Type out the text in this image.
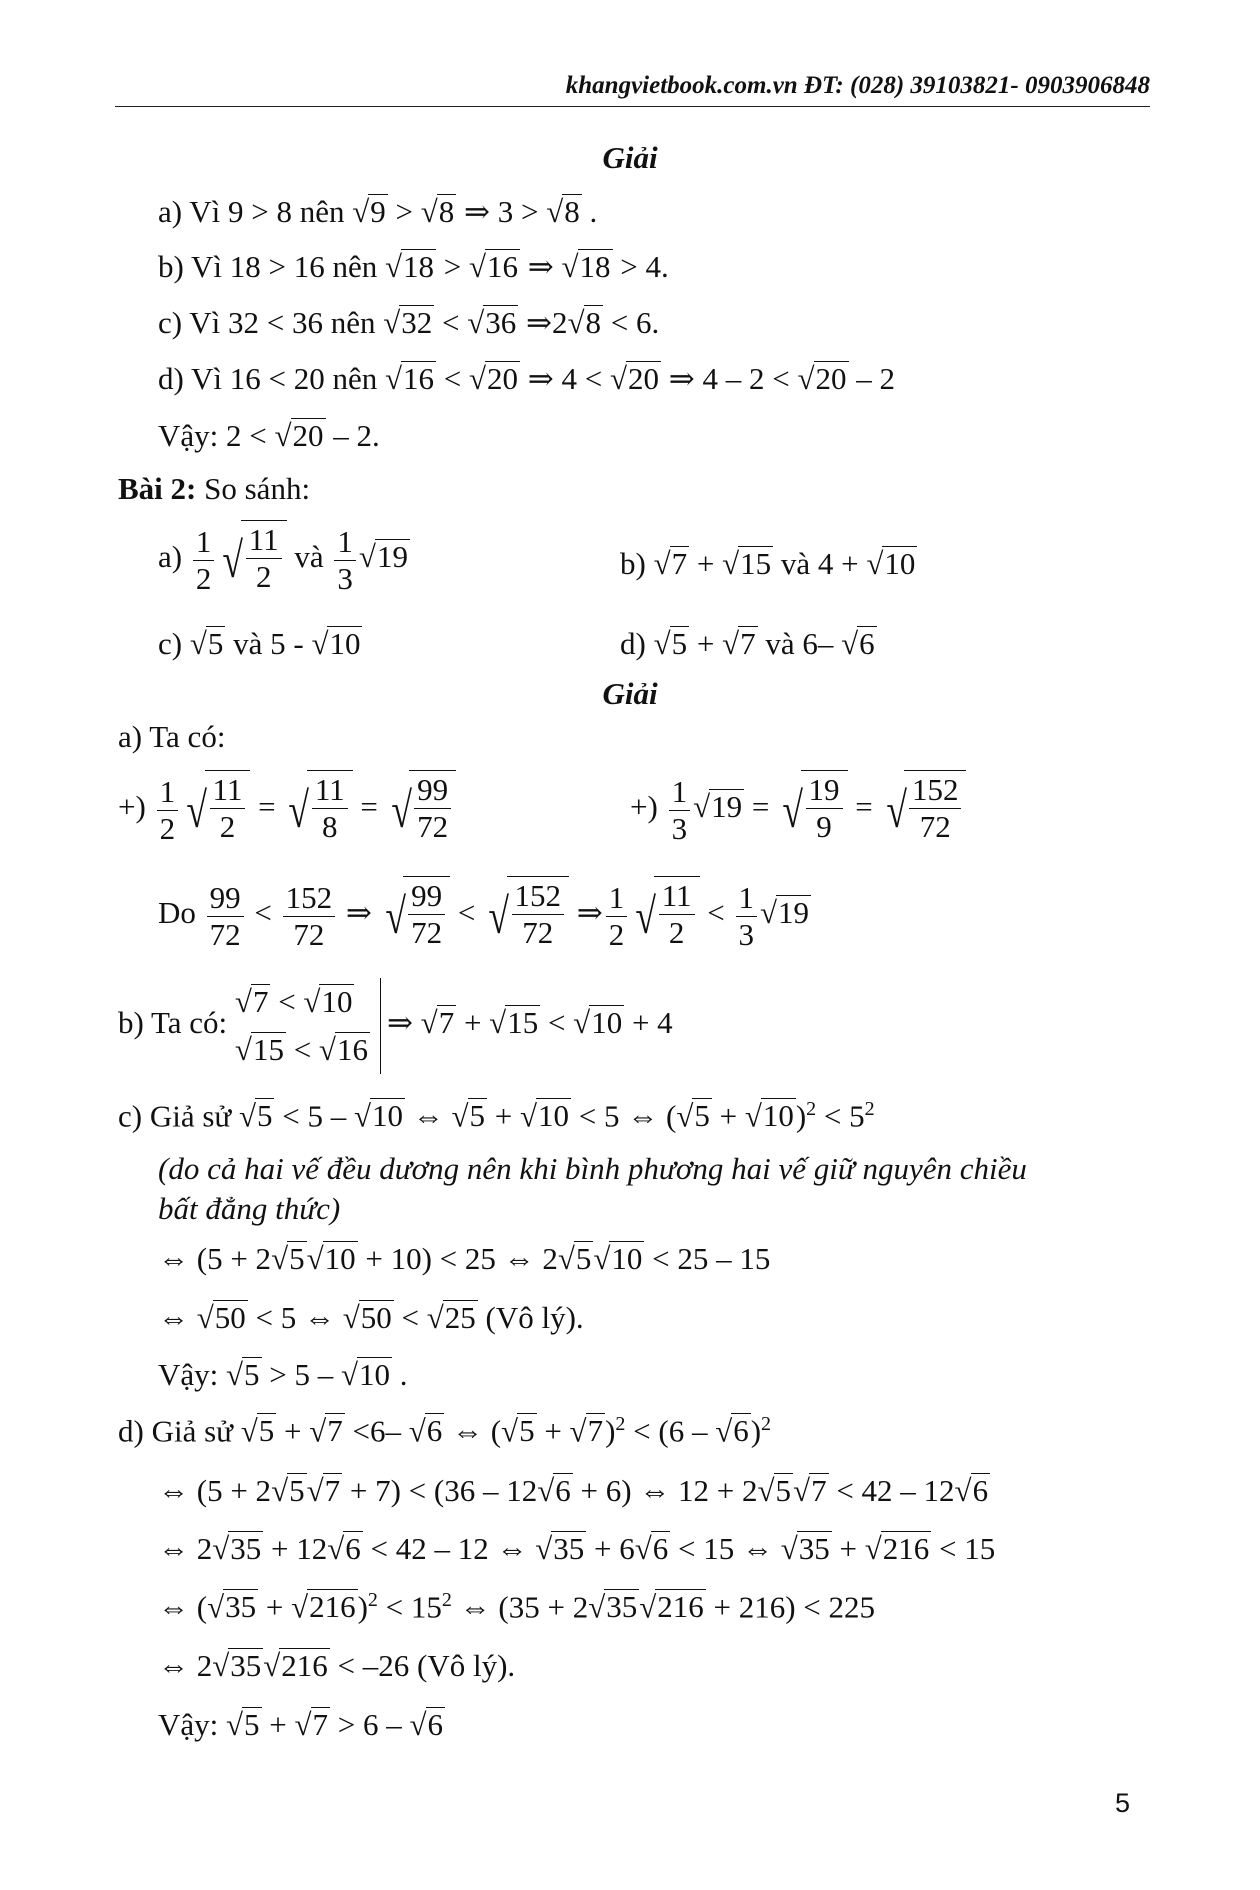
khangvietbook.com.vn ĐT: (028) 39103821- 0903906848
Giải
a) Vì 9 > 8 nên √9 > √8 ⇒ 3 > √8 .
b) Vì 18 > 16 nên √18 > √16 ⇒ √18 > 4.
c) Vì 32 < 36 nên √32 < √36 ⇒2√8 < 6.
d) Vì 16 < 20 nên √16 < √20 ⇒ 4 < √20 ⇒ 4 – 2 < √20 – 2
Vậy: 2 < √20 – 2.
Bài 2: So sánh:
$a) \frac{1}{2}$ √ $\frac{11}{2}$ và $\frac{1}{3} √19$	b) √7 + √15 và 4 + √10
c) √5 và 5 - √10	d) √5 + √7 và 6– √6
Giải
a) Ta có:
+) $\frac{1}{2}$ √ $\frac{11}{2}$ = √ $\frac{11}{8}$ = √ $\frac{99}{72}$	+) $\frac{1}{3} √19$ = √ $\frac{19}{9}$ = √ $\frac{152}{72}$
Do $\frac{99}{72} < \frac{152}{72}$ ⇒ √ $\frac{99}{72}$ < √ $\frac{152}{72}$ ⇒ $\frac{1}{2}$ √ $\frac{11}{2} < \frac{1}{3} √19$
b) Ta có:
√7 < √10
√15 < √16
⇒ √7 + √15 < √10 + 4
c) Giả sử √5 < 5 – √10 ⇔ √5 + √10 < 5 ⇔ $(√5 + √10)^2 < 5^2$
(do cả hai vế đều dương nên khi bình phương hai vế giữ nguyên chiều
bất đẳng thức)
⇔ (5 + 2√5√10 + 10) < 25 ⇔ 2√5√10 < 25 – 15
⇔ √50 < 5 ⇔ √50 < √25 (Vô lý).
Vậy: √5 > 5 – √10 .
d) Giả sử √5 + √7 <6– √6 ⇔ $(√5 + √7)^2 < (6 - √6)^2$
⇔ (5 + 2√5√7 + 7) < (36 – 12√6 + 6) ⇔ 12 + 2√5√7 < 42 – 12√6
⇔ 2√35 + 12√6 < 42 – 12 ⇔ √35 + 6√6 < 15 ⇔ √35 + √216 < 15
⇔ $(√35 + √216)^2 < 15^2$ ⇔ (35 + 2√35√216 + 216) < 225
⇔ 2√35√216 < –26 (Vô lý).
Vậy: √5 + √7 > 6 – √6
5
